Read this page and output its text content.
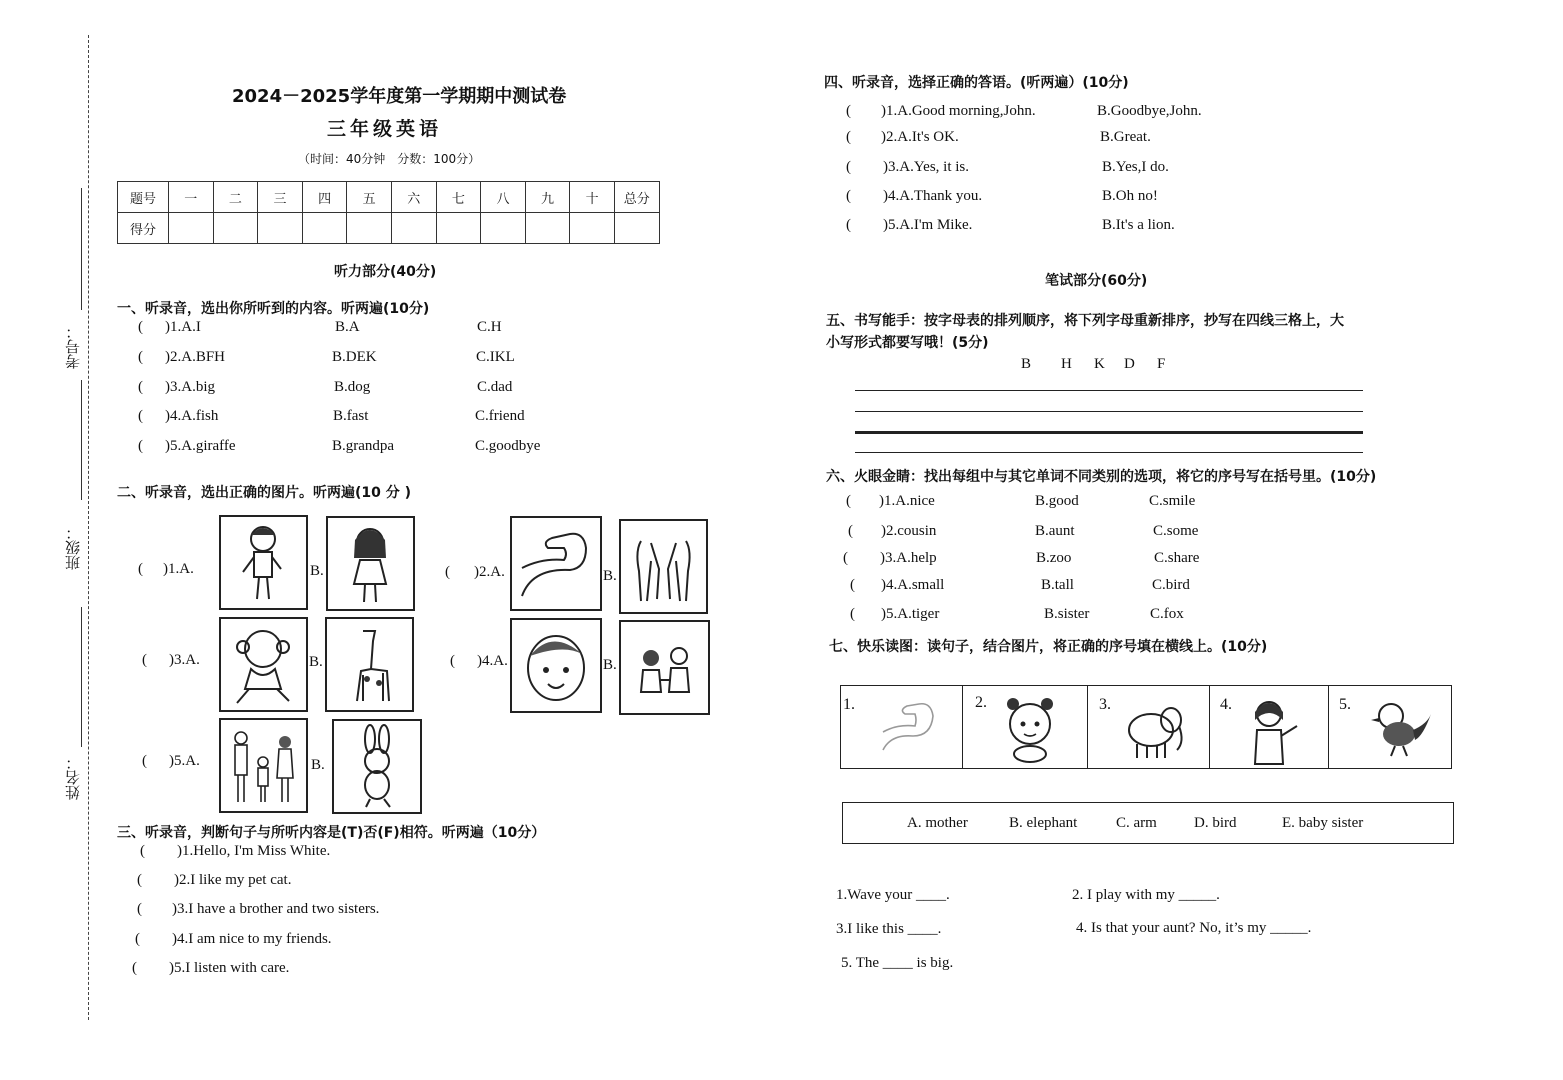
考号：
班级：
姓名：
2024－2025学年度第一学期期中测试卷
三年级英语
（时间：40分钟　分数：100分）
题号	一	二	三	四	五	六	七	八	九	十	总分
得分											
听力部分(40分)
一、听录音，选出你所听到的内容。听两遍(10分)
( )1.A.I	B.A	C.H
( )2.A.BFH	B.DEK	C.IKL
( )3.A.big	B.dog	C.dad
( )4.A.fish	B.fast	C.friend
( )5.A.giraffe	B.grandpa	C.goodbye
二、听录音，选出正确的图片。听两遍(10 分 )
( )1.A.	B.	( )2.A.	B.
( )3.A.	B.	( )4.A.	B.
( )5.A.	B.
三、听录音，判断句子与所听内容是(T)否(F)相符。听两遍（10分）
( )1.Hello, I'm Miss White.
( )2.I like my pet cat.
( )3.I have a brother and two sisters.
( )4.I am nice to my friends.
( )5.I listen with care.
四、听录音，选择正确的答语。(听两遍）(10分)
( )1.A.Good morning,John.	B.Goodbye,John.
( )2.A.It's OK.	B.Great.
( )3.A.Yes, it is.	B.Yes,I do.
( )4.A.Thank you.	B.Oh no!
( )5.A.I'm Mike.	B.It's a lion.
笔试部分(60分)
五、书写能手：按字母表的排列顺序，将下列字母重新排序，抄写在四线三格上，大
小写形式都要写哦！(5分)
B H K D F
六、火眼金睛：找出每组中与其它单词不同类别的选项，将它的序号写在括号里。(10分)
( )1.A.nice	B.good	C.smile
( )2.cousin	B.aunt	C.some
( )3.A.help	B.zoo	C.share
( )4.A.small	B.tall	C.bird
( )5.A.tiger	B.sister	C.fox
七、快乐读图：读句子，结合图片，将正确的序号填在横线上。(10分)
1.	2.	3.	4.	5.
A. mother	B. elephant	C. arm D. bird	E. baby sister
1.Wave your ____.	2. I play with my _____.
3.I like this ____.	4. Is that your aunt? No, it’s my _____.
5. The ____ is big.
